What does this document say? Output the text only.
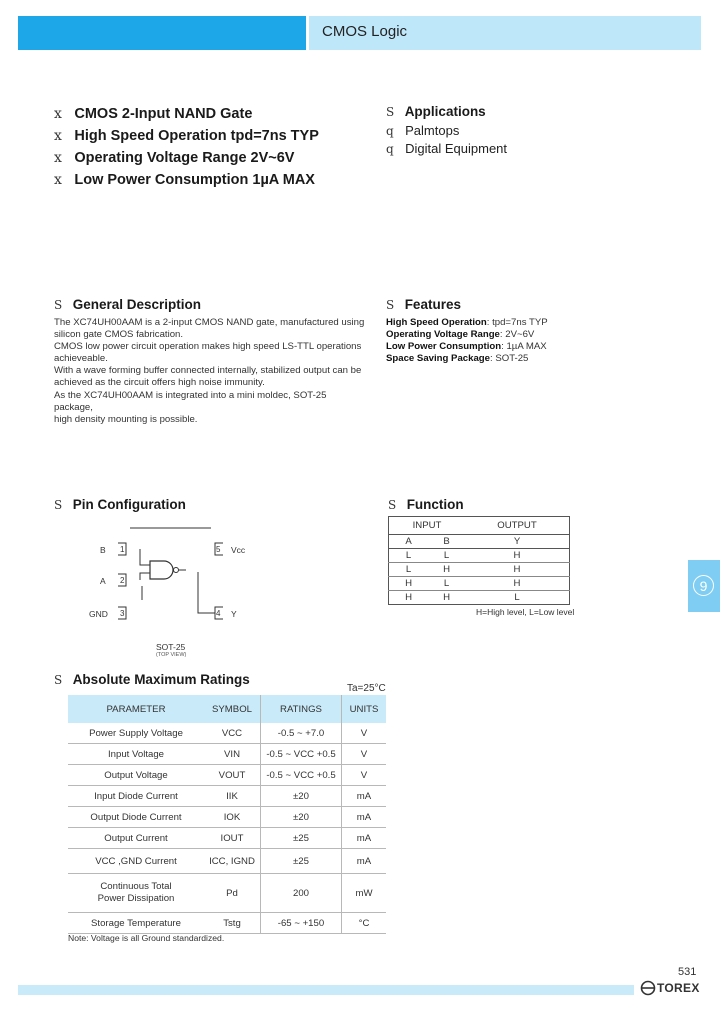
CMOS Logic
x CMOS 2-Input NAND Gate
x High Speed Operation tpd=7ns TYP
x Operating Voltage Range 2V~6V
x Low Power Consumption 1µA MAX
S Applications
q Palmtops
q Digital Equipment
S General Description
The XC74UH00AAM is a 2-input CMOS NAND gate, manufactured using
silicon gate CMOS fabrication.
CMOS low power circuit operation makes high speed LS-TTL operations
achieveable.
With a wave forming buffer connected internally, stabilized output can be
achieved as the circuit offers high noise immunity.
As the XC74UH00AAM is integrated into a mini moldec, SOT-25 package,
high density mounting is possible.
S Features
High Speed Operation: tpd=7ns TYP
Operating Voltage Range: 2V~6V
Low Power Consumption: 1µA MAX
Space Saving Package: SOT-25
S Pin Configuration
B 1
A 2
GND 3
5 Vcc
4 Y
SOT-25
(TOP VIEW)
S Function
INPUT		OUTPUT
A	B	Y
L	L	H
L	H	H
H	L	H
H	H	L
H=High level, L=Low level
S Absolute Maximum Ratings
Ta=25°C
PARAMETER	SYMBOL	RATINGS	UNITS
Power Supply Voltage	VCC	-0.5 ~ +7.0	V
Input Voltage	VIN	-0.5 ~ VCC +0.5	V
Output Voltage	VOUT	-0.5 ~ VCC +0.5	V
Input Diode Current	IIK	±20	mA
Output Diode Current	IOK	±20	mA
Output Current	IOUT	±25	mA
VCC ,GND Current	ICC, IGND	±25	mA
Continuous Total
Power Dissipation	Pd	200	mW
Storage Temperature	Tstg	-65 ~ +150	°C
Note: Voltage is all Ground standardized.
9
531
TOREX
